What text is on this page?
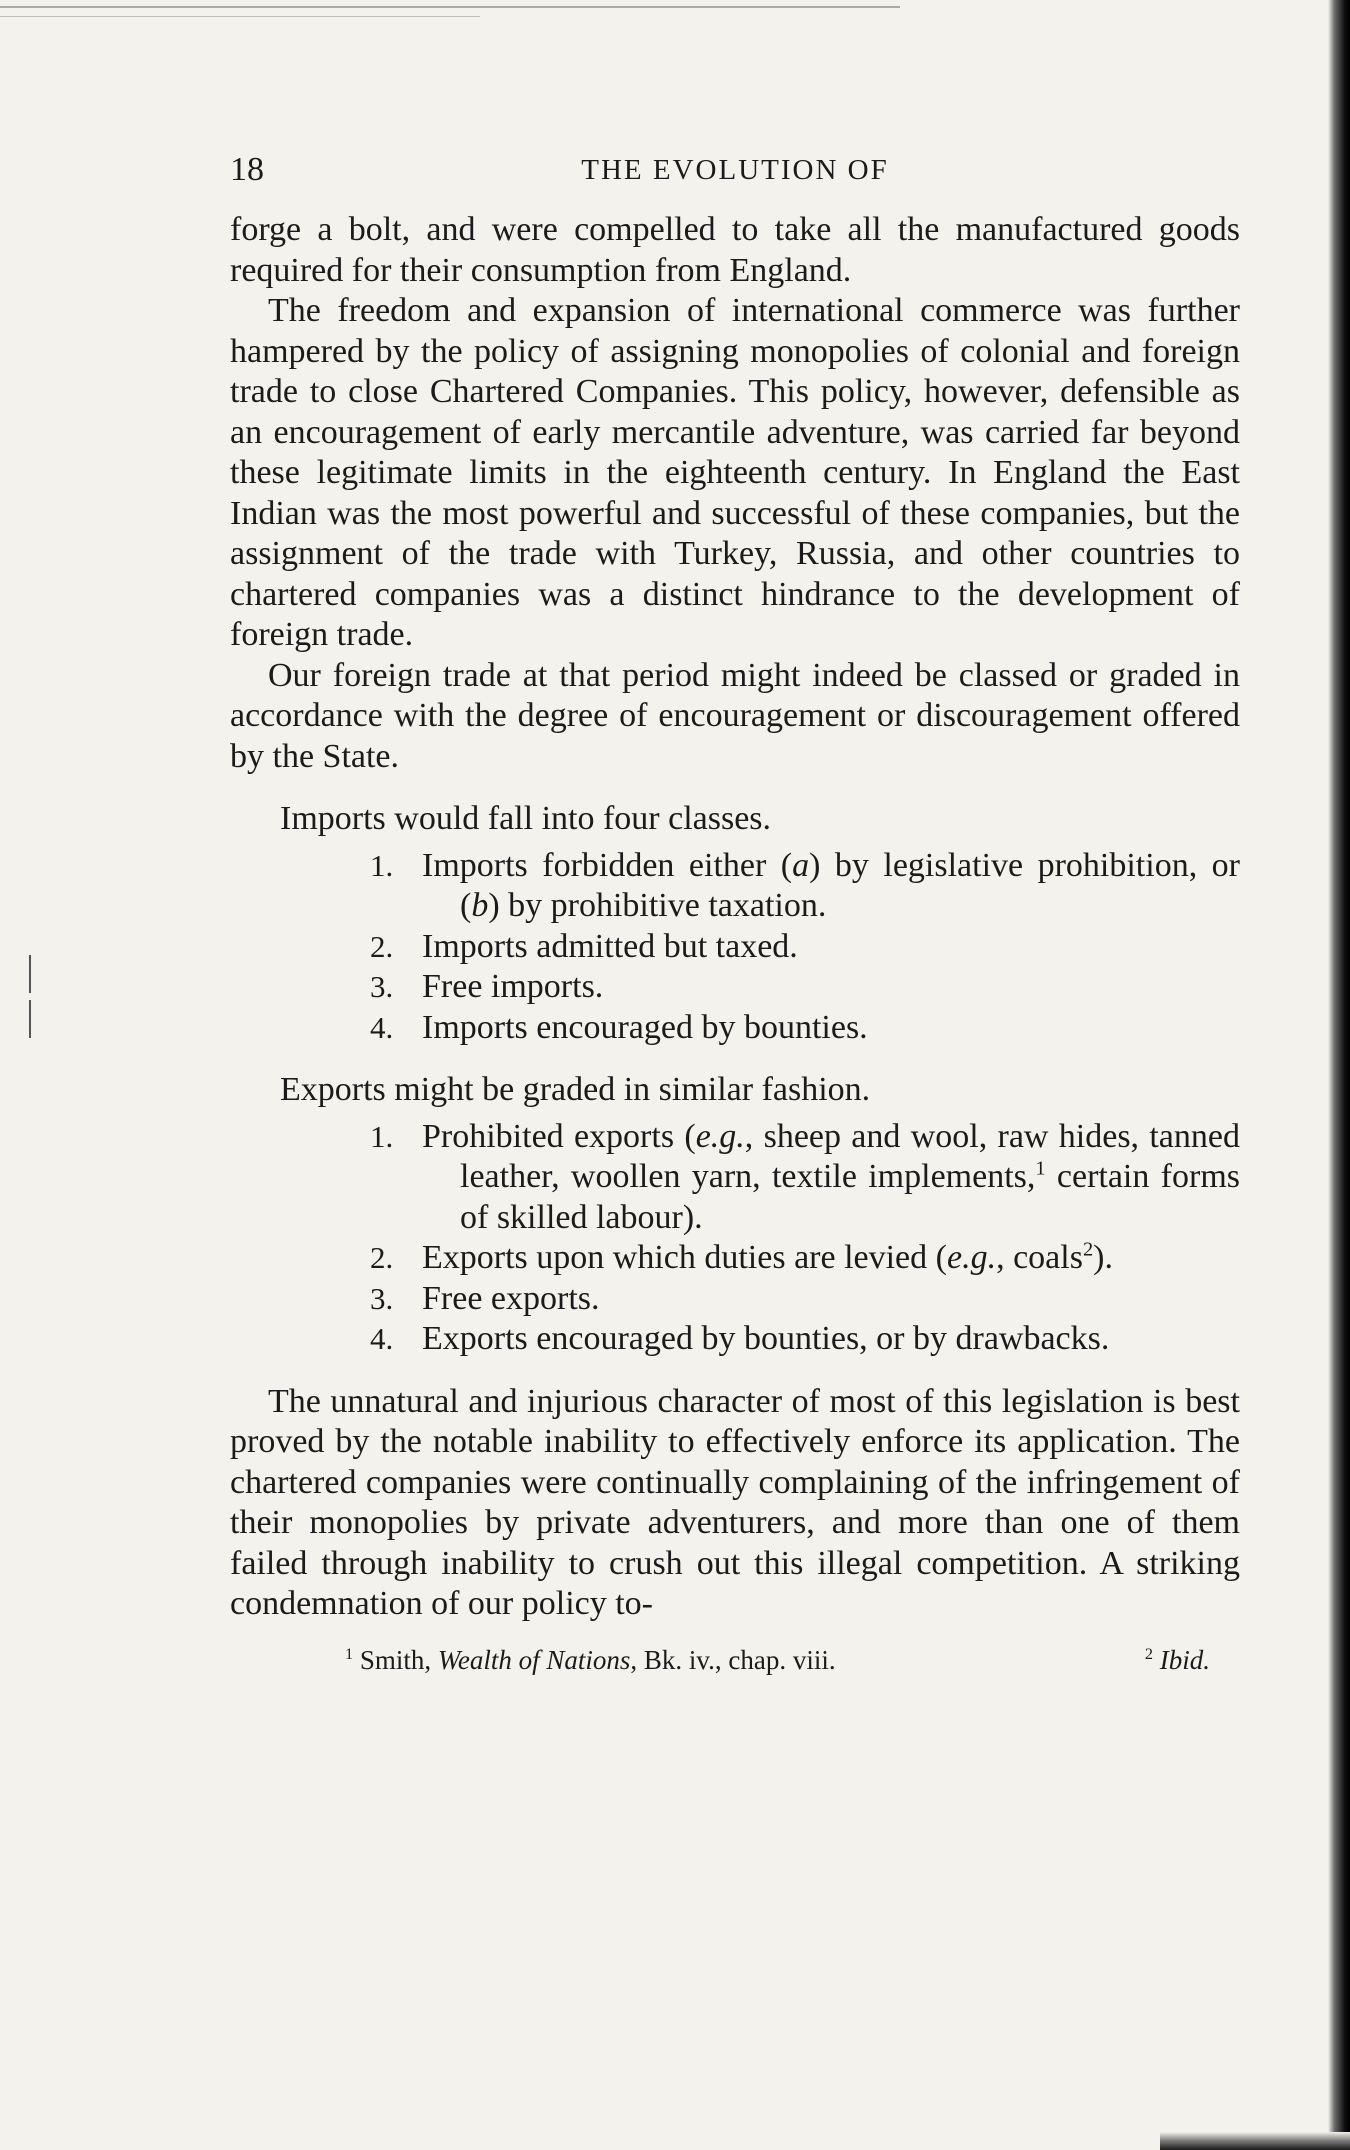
18	THE EVOLUTION OF

forge a bolt, and were compelled to take all the manufactured goods required for their consumption from England.

The freedom and expansion of international commerce was further hampered by the policy of assigning monopolies of colonial and foreign trade to close Chartered Companies. This policy, however, defensible as an encouragement of early mercantile adventure, was carried far beyond these legitimate limits in the eighteenth century. In England the East Indian was the most powerful and successful of these companies, but the assignment of the trade with Turkey, Russia, and other countries to chartered companies was a distinct hindrance to the development of foreign trade.

Our foreign trade at that period might indeed be classed or graded in accordance with the degree of encouragement or discouragement offered by the State.

Imports would fall into four classes.

1. Imports forbidden either (a) by legislative prohibition, or (b) by prohibitive taxation.
2. Imports admitted but taxed.
3. Free imports.
4. Imports encouraged by bounties.

Exports might be graded in similar fashion.

1. Prohibited exports (e.g., sheep and wool, raw hides, tanned leather, woollen yarn, textile implements,$^1$ certain forms of skilled labour).
2. Exports upon which duties are levied (e.g., coals$^2$).
3. Free exports.
4. Exports encouraged by bounties, or by drawbacks.

The unnatural and injurious character of most of this legislation is best proved by the notable inability to effectively enforce its application. The chartered companies were continually complaining of the infringement of their monopolies by private adventurers, and more than one of them failed through inability to crush out this illegal competition. A striking condemnation of our policy to-

$^1$ Smith, Wealth of Nations, Bk. iv., chap. viii.	$^2$ Ibid.
